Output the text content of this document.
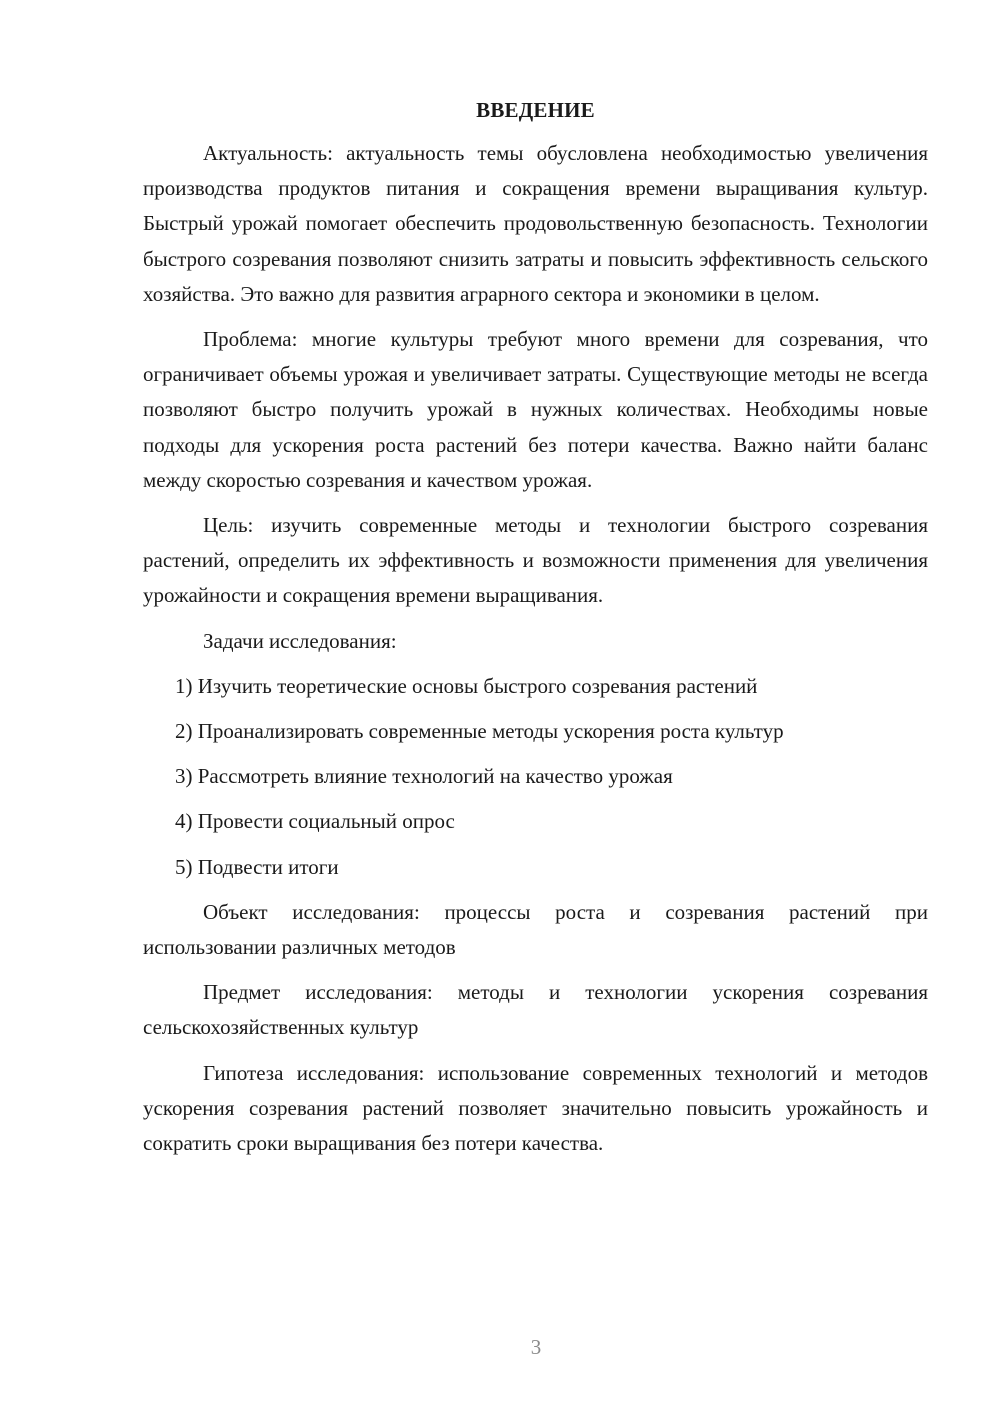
ВВЕДЕНИЕ

Актуальность: актуальность темы обусловлена необходимостью увеличения производства продуктов питания и сокращения времени выращивания культур. Быстрый урожай помогает обеспечить продовольственную безопасность. Технологии быстрого созревания позволяют снизить затраты и повысить эффективность сельского хозяйства. Это важно для развития аграрного сектора и экономики в целом.

Проблема: многие культуры требуют много времени для созревания, что ограничивает объемы урожая и увеличивает затраты. Существующие методы не всегда позволяют быстро получить урожай в нужных количествах. Необходимы новые подходы для ускорения роста растений без потери качества. Важно найти баланс между скоростью созревания и качеством урожая.

Цель: изучить современные методы и технологии быстрого созревания растений, определить их эффективность и возможности применения для увеличения урожайности и сокращения времени выращивания.

Задачи исследования:

1) Изучить теоретические основы быстрого созревания растений
2) Проанализировать современные методы ускорения роста культур
3) Рассмотреть влияние технологий на качество урожая
4) Провести социальный опрос
5) Подвести итоги

Объект исследования: процессы роста и созревания растений при использовании различных методов

Предмет исследования: методы и технологии ускорения созревания сельскохозяйственных культур

Гипотеза исследования: использование современных технологий и методов ускорения созревания растений позволяет значительно повысить урожайность и сократить сроки выращивания без потери качества.

3
